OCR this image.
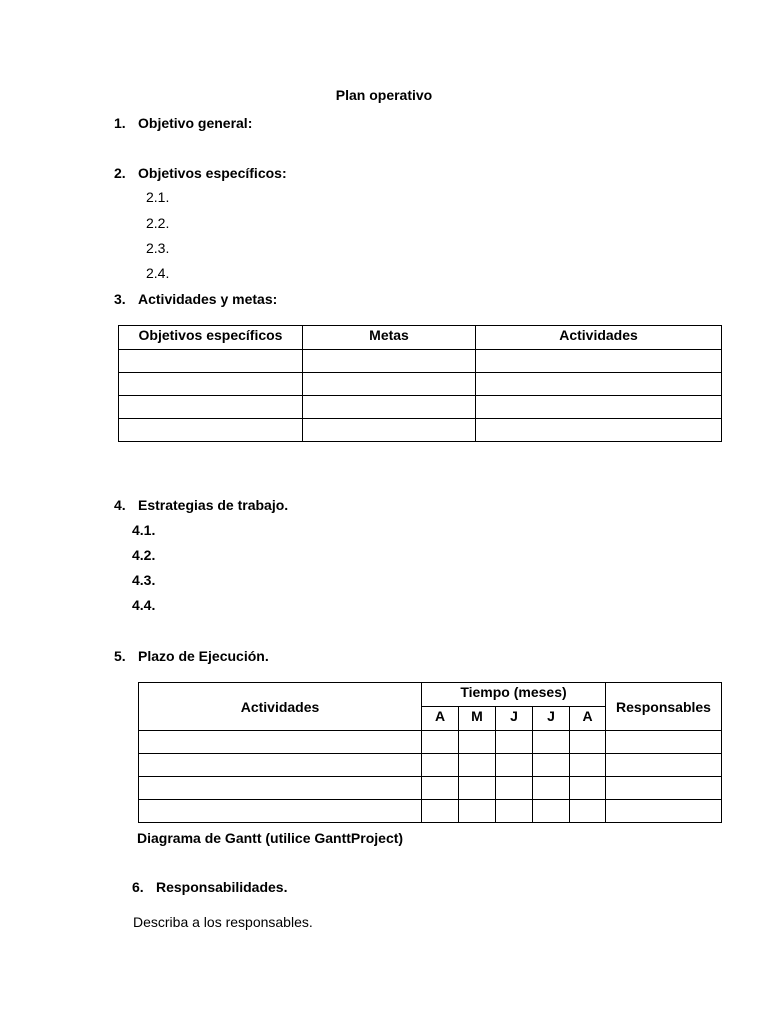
Plan operativo
1. Objetivo general:
2. Objetivos específicos:
2.1.
2.2.
2.3.
2.4.
3. Actividades y metas:
Objetivos específicos	Metas	Actividades

4. Estrategias de trabajo.
4.1.
4.2.
4.3.
4.4.
5. Plazo de Ejecución.
Actividades	Tiempo (meses)					Responsables
	A	M	J	J	A	

Diagrama de Gantt (utilice GanttProject)
6. Responsabilidades.
Describa a los responsables.
